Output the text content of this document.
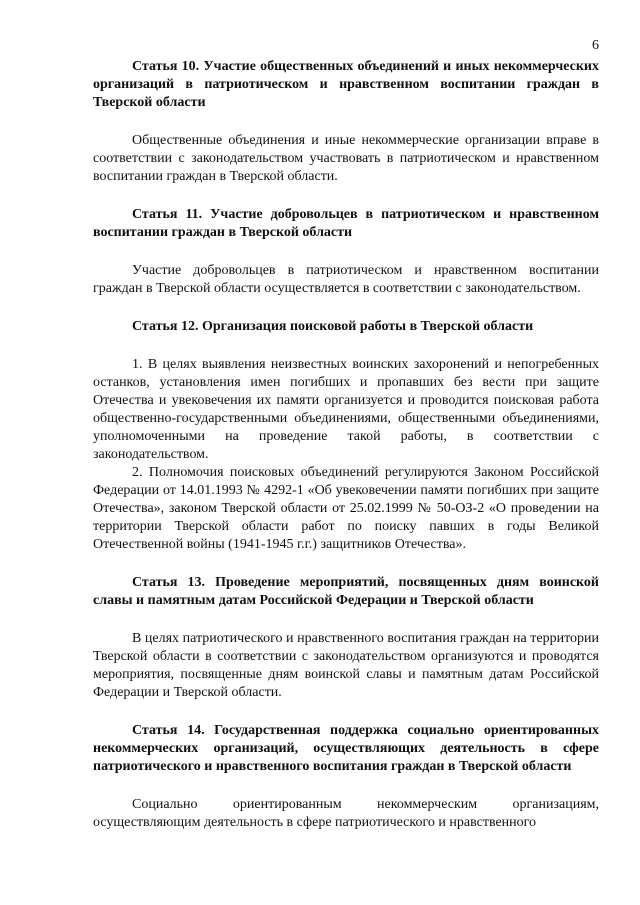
6
Статья 10. Участие общественных объединений и иных некоммерческих организаций в патриотическом и нравственном воспитании граждан в Тверской области

Общественные объединения и иные некоммерческие организации вправе в соответствии с законодательством участвовать в патриотическом и нравственном воспитании граждан в Тверской области.

Статья 11. Участие добровольцев в патриотическом и нравственном воспитании граждан в Тверской области

Участие добровольцев в патриотическом и нравственном воспитании граждан в Тверской области осуществляется в соответствии с законодательством.

Статья 12. Организация поисковой работы в Тверской области

1. В целях выявления неизвестных воинских захоронений и непогребенных останков, установления имен погибших и пропавших без вести при защите Отечества и увековечения их памяти организуется и проводится поисковая работа общественно-государственными объединениями, общественными объединениями, уполномоченными на проведение такой работы, в соответствии с законодательством.

2. Полномочия поисковых объединений регулируются Законом Российской Федерации от 14.01.1993 № 4292-1 «Об увековечении памяти погибших при защите Отечества», законом Тверской области от 25.02.1999 № 50-ОЗ-2 «О проведении на территории Тверской области работ по поиску павших в годы Великой Отечественной войны (1941-1945 г.г.) защитников Отечества».

Статья 13. Проведение мероприятий, посвященных дням воинской славы и памятным датам Российской Федерации и Тверской области

В целях патриотического и нравственного воспитания граждан на территории Тверской области в соответствии с законодательством организуются и проводятся мероприятия, посвященные дням воинской славы и памятным датам Российской Федерации и Тверской области.

Статья 14. Государственная поддержка социально ориентированных некоммерческих организаций, осуществляющих деятельность в сфере патриотического и нравственного воспитания граждан в Тверской области

Социально ориентированным некоммерческим организациям, осуществляющим деятельность в сфере патриотического и нравственного
